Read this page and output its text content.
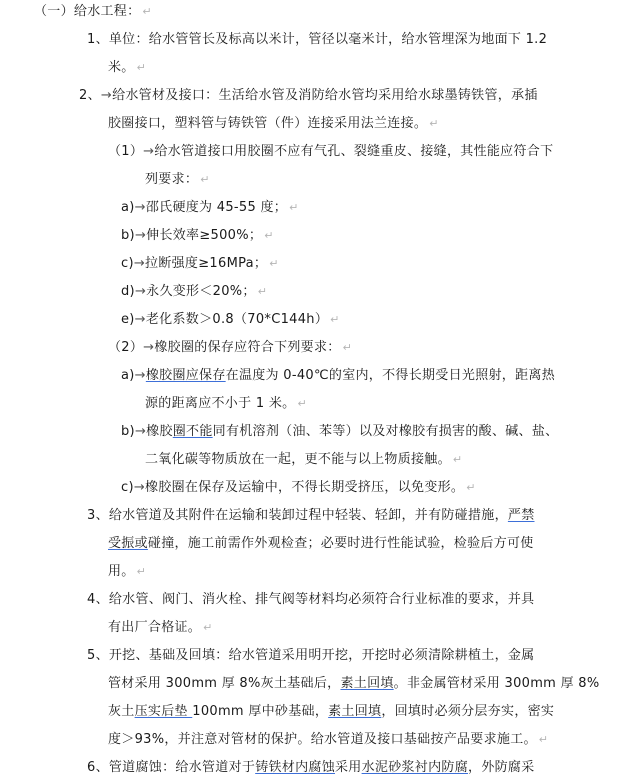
（一）给水工程： ↵
1、单位：给水管管长及标高以米计，管径以毫米计，给水管埋深为地面下 1.2
米。 ↵
2、→给水管材及接口：生活给水管及消防给水管均采用给水球墨铸铁管，承插
胶圈接口，塑料管与铸铁管（件）连接采用法兰连接。 ↵
（1）→给水管道接口用胶圈不应有气孔、裂缝重皮、接缝，其性能应符合下
列要求： ↵
a)→邵氏硬度为 45-55 度； ↵
b)→伸长效率≥500%； ↵
c)→拉断强度≥16MPa； ↵
d)→永久变形＜20%； ↵
e)→老化系数＞0.8（70*C144h） ↵
（2）→橡胶圈的保存应符合下列要求： ↵
a)→橡胶圈应保存在温度为 0-40℃的室内，不得长期受日光照射，距离热
源的距离应不小于 1 米。 ↵
b)→橡胶圈不能同有机溶剂（油、苯等）以及对橡胶有损害的酸、碱、盐、
二氧化碳等物质放在一起，更不能与以上物质接触。 ↵
c)→橡胶圈在保存及运输中，不得长期受挤压，以免变形。 ↵
3、给水管道及其附件在运输和装卸过程中轻装、轻卸，并有防碰措施，严禁
受振或碰撞，施工前需作外观检查；必要时进行性能试验，检验后方可使
用。 ↵
4、给水管、阀门、消火栓、排气阀等材料均必须符合行业标准的要求，并具
有出厂合格证。 ↵
5、开挖、基础及回填：给水管道采用明开挖，开挖时必须清除耕植土，金属
管材采用 300mm 厚 8%灰土基础后，素土回填。非金属管材采用 300mm 厚 8%
灰土压实后垫 100mm 厚中砂基础，素土回填，回填时必须分层夯实，密实
度＞93%，并注意对管材的保护。给水管道及接口基础按产品要求施工。 ↵
6、管道腐蚀：给水管道对于铸铁材内腐蚀采用水泥砂浆衬内防腐，外防腐采
